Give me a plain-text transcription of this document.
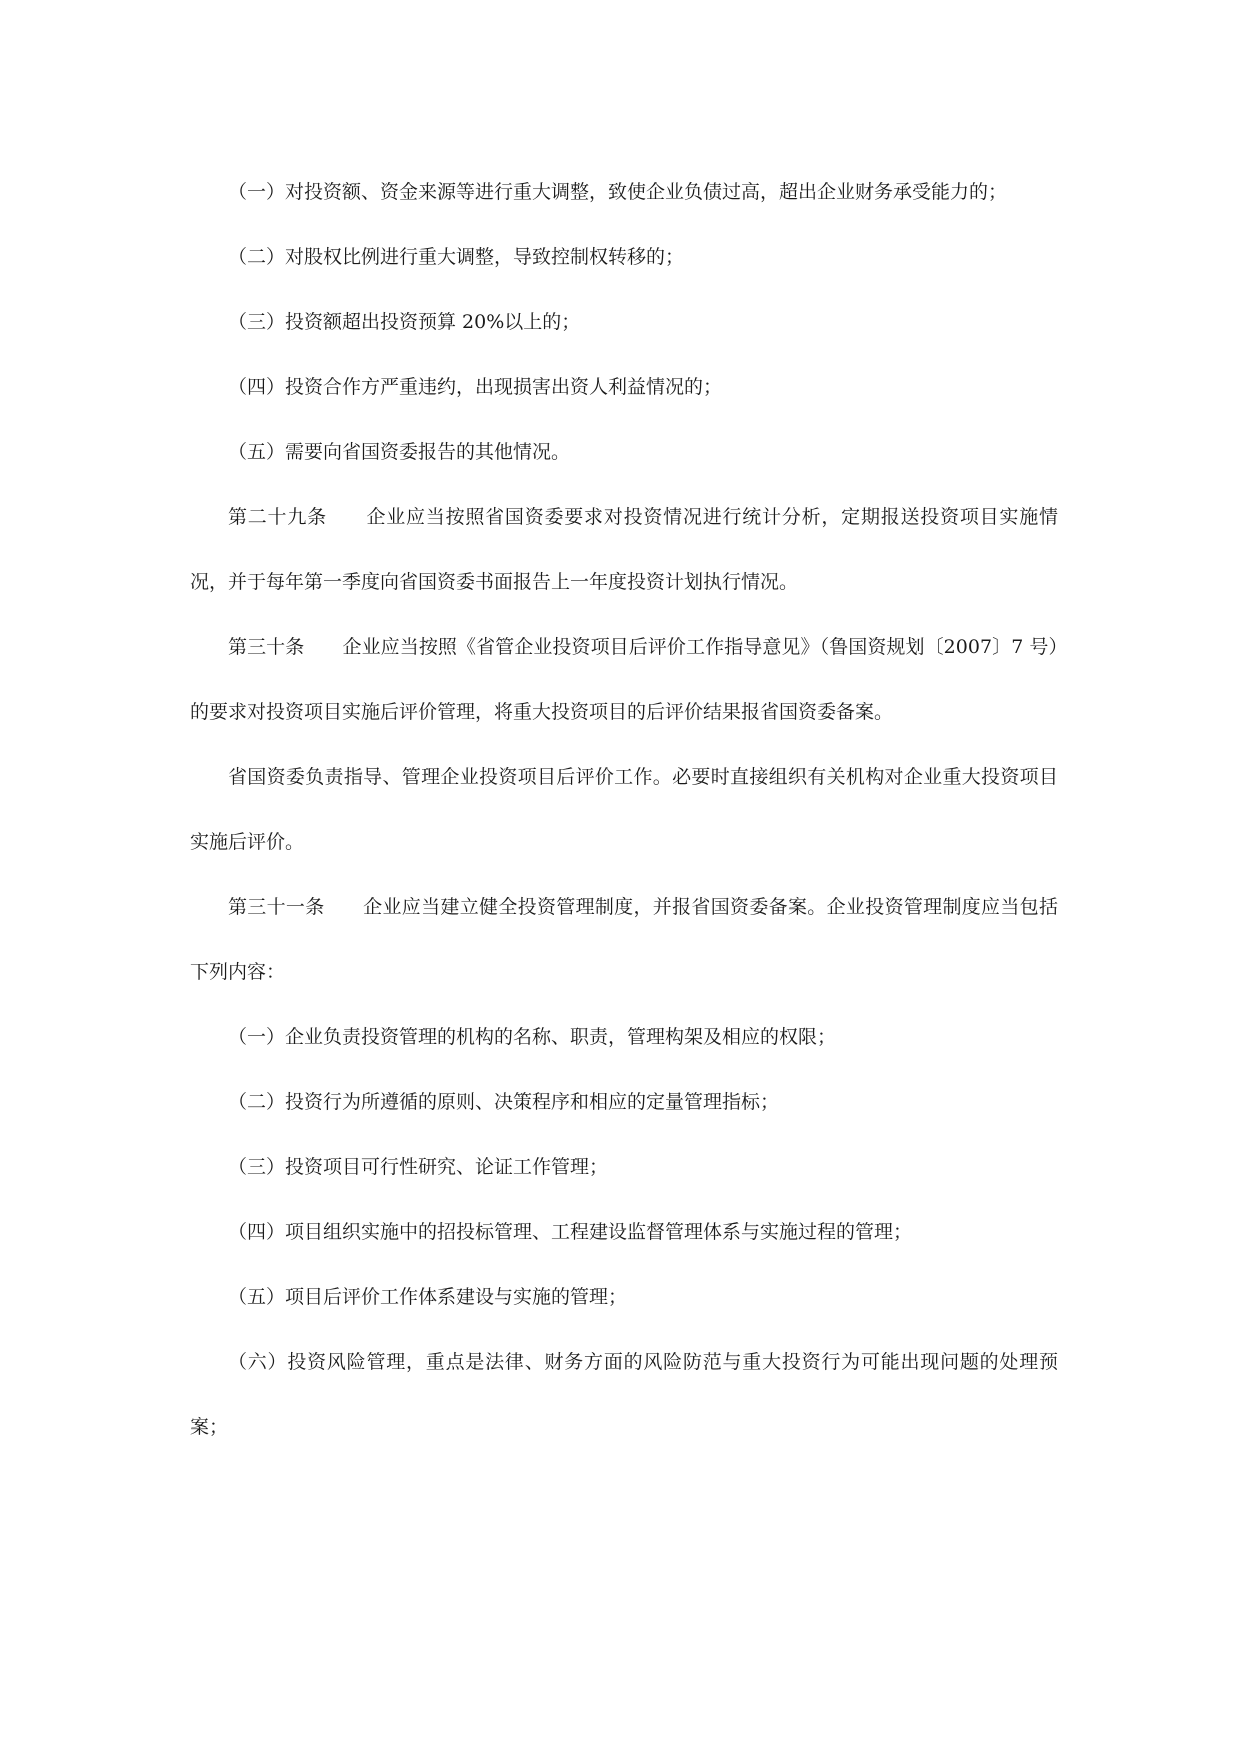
（一）对投资额、资金来源等进行重大调整，致使企业负债过高，超出企业财务承受能力的；

（二）对股权比例进行重大调整，导致控制权转移的；

（三）投资额超出投资预算 20%以上的；

（四）投资合作方严重违约，出现损害出资人利益情况的；

（五）需要向省国资委报告的其他情况。

第二十九条　　企业应当按照省国资委要求对投资情况进行统计分析，定期报送投资项目实施情况，并于每年第一季度向省国资委书面报告上一年度投资计划执行情况。

第三十条　　企业应当按照《省管企业投资项目后评价工作指导意见》（鲁国资规划〔2007〕7 号）的要求对投资项目实施后评价管理，将重大投资项目的后评价结果报省国资委备案。

省国资委负责指导、管理企业投资项目后评价工作。必要时直接组织有关机构对企业重大投资项目实施后评价。

第三十一条　　企业应当建立健全投资管理制度，并报省国资委备案。企业投资管理制度应当包括下列内容：

（一）企业负责投资管理的机构的名称、职责，管理构架及相应的权限；

（二）投资行为所遵循的原则、决策程序和相应的定量管理指标；

（三）投资项目可行性研究、论证工作管理；

（四）项目组织实施中的招投标管理、工程建设监督管理体系与实施过程的管理；

（五）项目后评价工作体系建设与实施的管理；

（六）投资风险管理，重点是法律、财务方面的风险防范与重大投资行为可能出现问题的处理预案；
